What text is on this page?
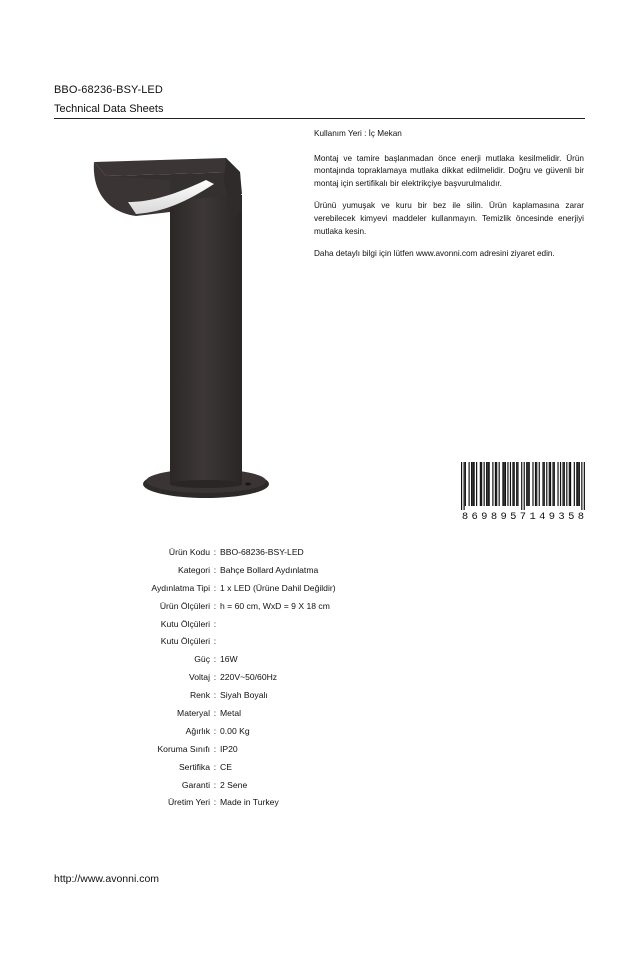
BBO-68236-BSY-LED
Technical Data Sheets

Kullanım Yeri : İç Mekan

Montaj ve tamire başlanmadan önce enerji mutlaka kesilmelidir. Ürün montajında topraklamaya mutlaka dikkat edilmelidir. Doğru ve güvenli bir montaj için sertifikalı bir elektrikçiye başvurulmalıdır.

Ürünü yumuşak ve kuru bir bez ile silin. Ürün kaplamasına zarar verebilecek kimyevi maddeler kullanmayın. Temizlik öncesinde enerjiyi mutlaka kesin.

Daha detaylı bilgi için lütfen www.avonni.com adresini ziyaret edin.

8 6 9 8 9 5 7 1 4 9 3 5 8
Ürün Kodu : BBO-68236-BSY-LED
Kategori : Bahçe Bollard Aydınlatma
Aydınlatma Tipi : 1 x LED (Ürüne Dahil Değildir)
Ürün Ölçüleri : h = 60 cm, WxD = 9 X 18 cm
Kutu Ölçüleri :
Kutu Ölçüleri :
Güç : 16W
Voltaj : 220V~50/60Hz
Renk : Siyah Boyalı
Materyal : Metal
Ağırlık : 0.00 Kg
Koruma Sınıfı : IP20
Sertifika : CE
Garanti : 2 Sene
Üretim Yeri : Made in Turkey
http://www.avonni.com
